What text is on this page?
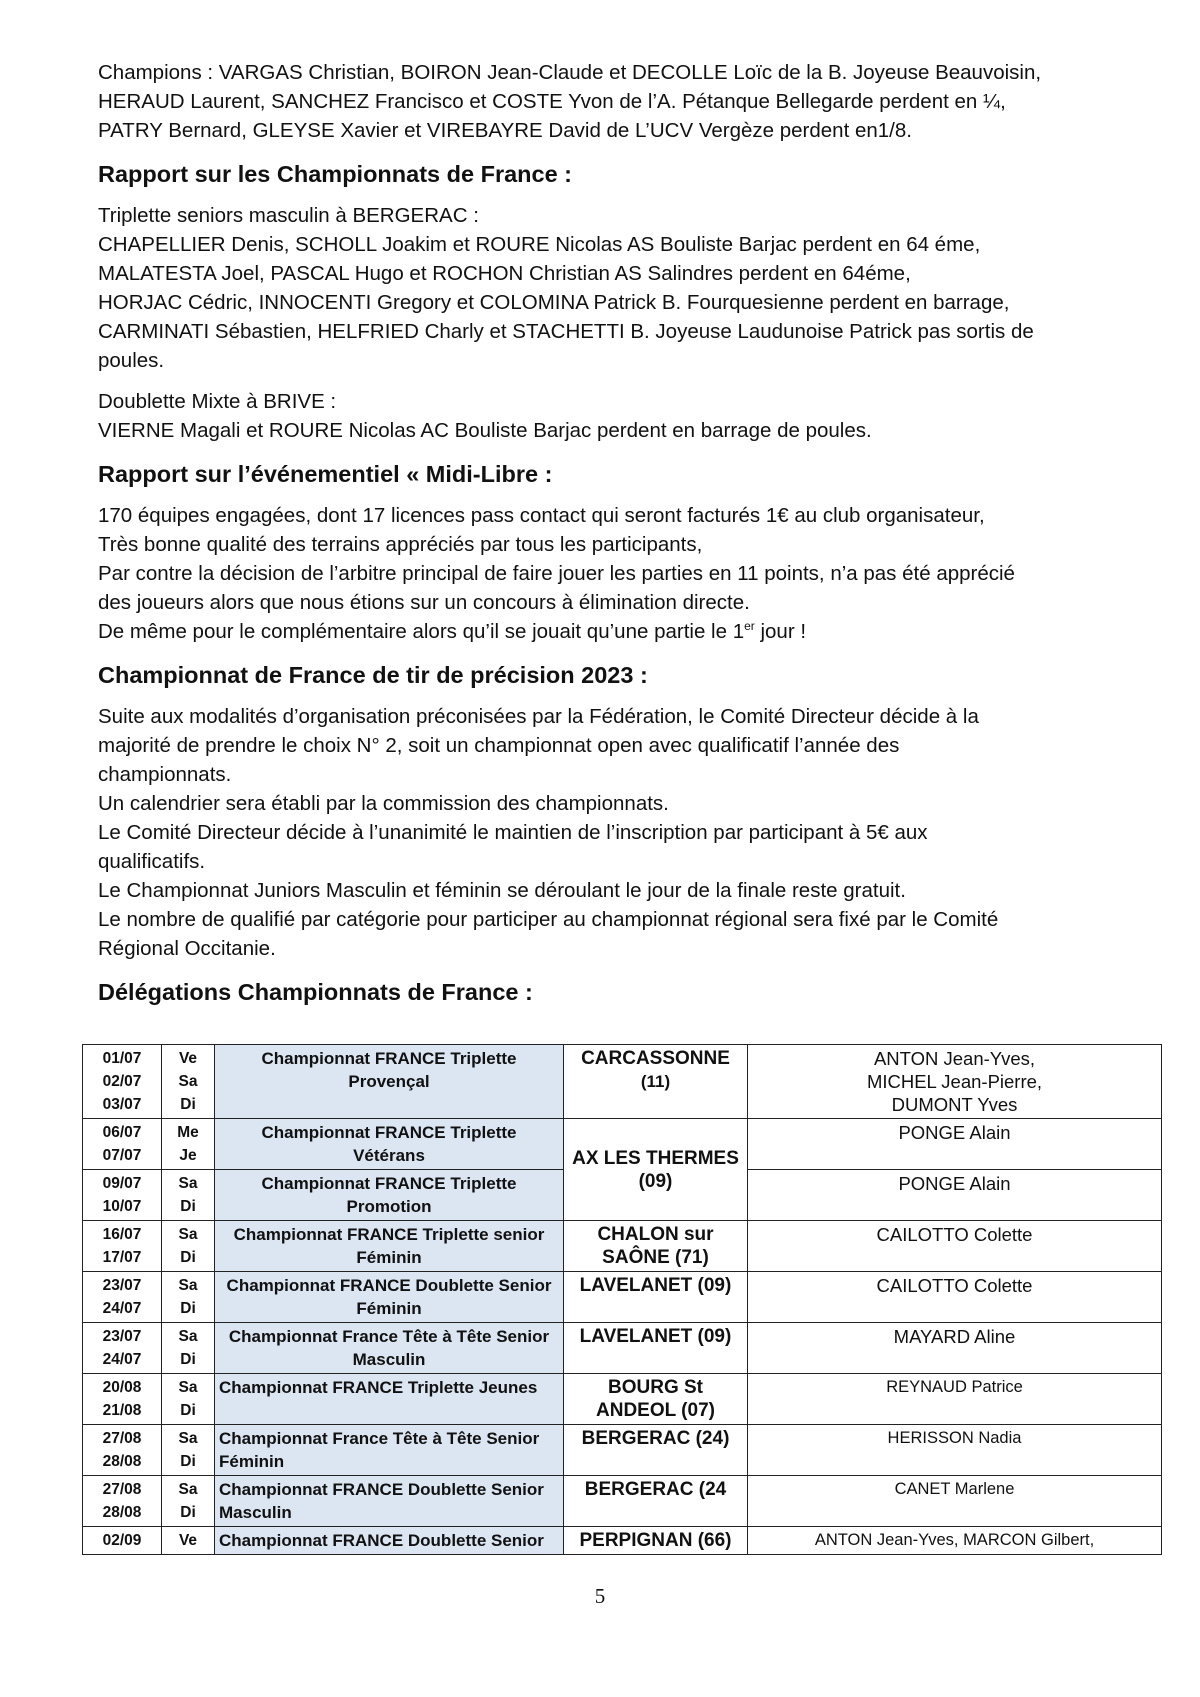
Champions : VARGAS Christian, BOIRON Jean-Claude et DECOLLE Loïc de la B. Joyeuse Beauvoisin,
HERAUD Laurent, SANCHEZ Francisco et COSTE Yvon de l’A. Pétanque Bellegarde perdent en ¼,
PATRY Bernard, GLEYSE Xavier et VIREBAYRE David de L’UCV Vergèze perdent en1/8.

Rapport sur les Championnats de France :

Triplette seniors masculin à BERGERAC :
CHAPELLIER Denis, SCHOLL Joakim et ROURE Nicolas AS Bouliste Barjac perdent en 64 éme,
MALATESTA Joel, PASCAL Hugo et ROCHON Christian AS Salindres perdent en 64éme,
HORJAC Cédric, INNOCENTI Gregory et COLOMINA Patrick B. Fourquesienne perdent en barrage,
CARMINATI Sébastien, HELFRIED Charly et STACHETTI B. Joyeuse Laudunoise Patrick pas sortis de
poules.

Doublette Mixte à BRIVE :
VIERNE Magali et ROURE Nicolas AC Bouliste Barjac perdent en barrage de poules.

Rapport sur l’événementiel « Midi-Libre :

170 équipes engagées, dont 17 licences pass contact qui seront facturés 1€ au club organisateur,
Très bonne qualité des terrains appréciés par tous les participants,
Par contre la décision de l’arbitre principal de faire jouer les parties en 11 points, n’a pas été apprécié
des joueurs alors que nous étions sur un concours à élimination directe.
De même pour le complémentaire alors qu’il se jouait qu’une partie le 1er jour !

Championnat de France de tir de précision 2023 :

Suite aux modalités d’organisation préconisées par la Fédération, le Comité Directeur décide à la
majorité de prendre le choix N° 2, soit un championnat open avec qualificatif l’année des
championnats.
Un calendrier sera établi par la commission des championnats.
Le Comité Directeur décide à l’unanimité le maintien de l’inscription par participant à 5€ aux
qualificatifs.
Le Championnat Juniors Masculin et féminin se déroulant le jour de la finale reste gratuit.
Le nombre de qualifié par catégorie pour participer au championnat régional sera fixé par le Comité
Régional Occitanie.

Délégations Championnats de France :
01/07
02/07
03/07	Ve
Sa
Di	Championnat FRANCE Triplette
Provençal	CARCASSONNE
(11)	ANTON Jean-Yves,
MICHEL Jean-Pierre,
DUMONT Yves

06/07
07/07	Me
Je	Championnat FRANCE Triplette
Vétérans	AX LES THERMES
(09)	PONGE Alain

09/07
10/07	Sa
Di	Championnat FRANCE Triplette
Promotion		PONGE Alain

16/07
17/07	Sa
Di	Championnat FRANCE Triplette senior
Féminin	CHALON sur
SAÔNE (71)	CAILOTTO Colette

23/07
24/07	Sa
Di	Championnat FRANCE Doublette Senior
Féminin	LAVELANET (09)	CAILOTTO Colette

23/07
24/07	Sa
Di	Championnat France Tête à Tête Senior
Masculin	LAVELANET (09)	MAYARD Aline

20/08
21/08	Sa
Di	Championnat FRANCE Triplette Jeunes	BOURG St
ANDEOL (07)	REYNAUD Patrice

27/08
28/08	Sa
Di	Championnat France Tête à Tête Senior
Féminin	BERGERAC (24)	HERISSON Nadia

27/08
28/08	Sa
Di	Championnat FRANCE Doublette Senior
Masculin	BERGERAC (24	CANET Marlene

02/09	Ve	Championnat FRANCE Doublette Senior	PERPIGNAN (66)	ANTON Jean-Yves, MARCON Gilbert,
5
